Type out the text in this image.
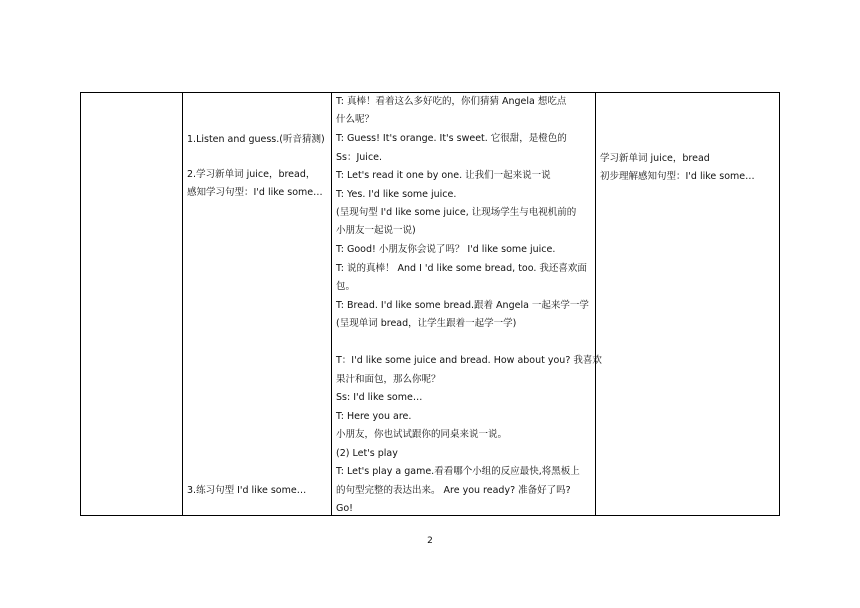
1.Listen and guess.(听音猜测)
2.学习新单词 juice，bread，
感知学习句型：I'd like some…
3.练习句型 I'd like some…
T: 真棒！看着这么多好吃的，你们猜猜 Angela 想吃点
什么呢？
T: Guess! It's orange. It's sweet. 它很甜，是橙色的
Ss：Juice.
T: Let's read it one by one. 让我们一起来说一说
T: Yes. I'd like some juice.
(呈现句型 I'd like some juice, 让现场学生与电视机前的
小朋友一起说一说)
T: Good! 小朋友你会说了吗？ I'd like some juice.
T: 说的真棒！ And I 'd like some bread, too. 我还喜欢面
包。
T: Bread. I'd like some bread.跟着 Angela 一起来学一学
(呈现单词 bread，让学生跟着一起学一学)
T：I'd like some juice and bread. How about you? 我喜欢
果汁和面包，那么你呢？
Ss: I'd like some…
T: Here you are.
小朋友，你也试试跟你的同桌来说一说。
(2) Let's play
T: Let's play a game.看看哪个小组的反应最快,将黑板上
的句型完整的表达出来。 Are you ready? 准备好了吗?
Go!
学习新单词 juice，bread
初步理解感知句型：I'd like some…
2
